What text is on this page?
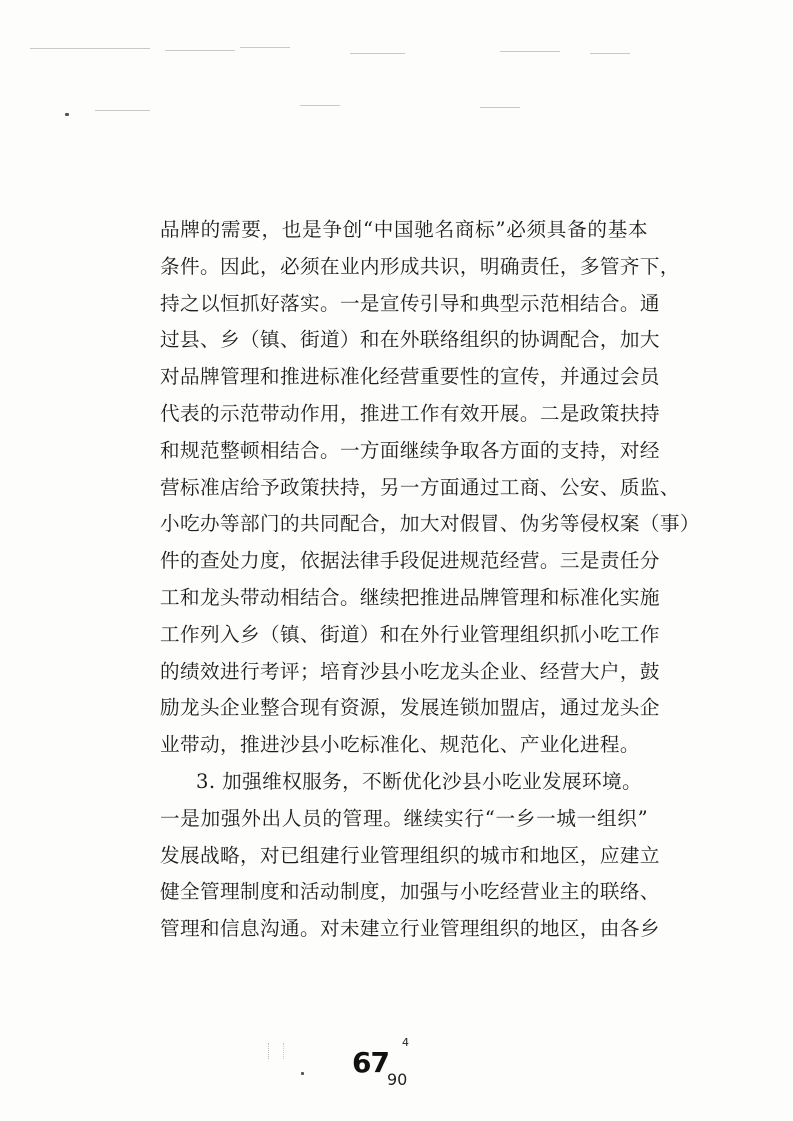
品牌的需要，也是争创“中国驰名商标”必须具备的基本
条件。因此，必须在业内形成共识，明确责任，多管齐下，
持之以恒抓好落实。一是宣传引导和典型示范相结合。通
过县、乡（镇、街道）和在外联络组织的协调配合，加大
对品牌管理和推进标准化经营重要性的宣传，并通过会员
代表的示范带动作用，推进工作有效开展。二是政策扶持
和规范整顿相结合。一方面继续争取各方面的支持，对经
营标准店给予政策扶持，另一方面通过工商、公安、质监、
小吃办等部门的共同配合，加大对假冒、伪劣等侵权案（事）
件的查处力度，依据法律手段促进规范经营。三是责任分
工和龙头带动相结合。继续把推进品牌管理和标准化实施
工作列入乡（镇、街道）和在外行业管理组织抓小吃工作
的绩效进行考评；培育沙县小吃龙头企业、经营大户，鼓
励龙头企业整合现有资源，发展连锁加盟店，通过龙头企
业带动，推进沙县小吃标准化、规范化、产业化进程。
3. 加强维权服务，不断优化沙县小吃业发展环境。
一是加强外出人员的管理。继续实行“一乡一城一组织”
发展战略，对已组建行业管理组织的城市和地区，应建立
健全管理制度和活动制度，加强与小吃经营业主的联络、
管理和信息沟通。对未建立行业管理组织的地区，由各乡
67
4
90
